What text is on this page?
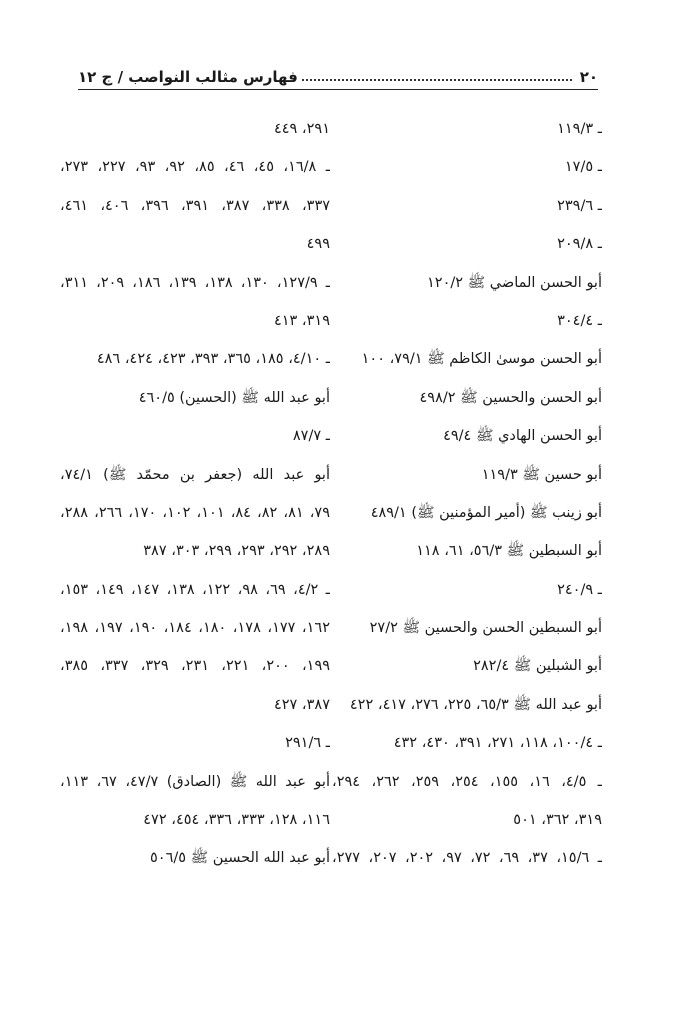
٢٠
فهارس مثالب النواصب / ج ١٢
ـ ١١٩/٣
ـ ١٧/٥
ـ ٢٣٩/٦
ـ ٢٠٩/٨
أبو الحسن الماضي ﷺ ١٢٠/٢
ـ ٣٠٤/٤
أبو الحسن موسىٰ الكاظم ﷺ ٧٩/١، ١٠٠
أبو الحسن والحسين ﷺ ٤٩٨/٢
أبو الحسن الهادي ﷺ ٤٩/٤
أبو حسين ﷺ ١١٩/٣
أبو زينب ﷺ (أمير المؤمنين ﷺ) ٤٨٩/١
أبو السبطين ﷺ ٥٦/٣، ٦١، ١١٨
ـ ٢٤٠/٩
أبو السبطين الحسن والحسين ﷺ ٢٧/٢
أبو الشبلين ﷺ ٢٨٢/٤
أبو عبد الله ﷺ ٦٥/٣، ٢٢٥، ٢٧٦، ٤١٧، ٤٢٢
ـ ١٠٠/٤، ١١٨، ٢٧١، ٣٩١، ٤٣٠، ٤٣٢
ـ ٤/٥، ١٦، ١٥٥، ٢٥٤، ٢٥٩، ٢٦٢، ٢٩٤،
٣١٩، ٣٦٢، ٥٠١
ـ ١٥/٦، ٣٧، ٦٩، ٧٢، ٩٧، ٢٠٢، ٢٠٧، ٢٧٧،
٢٩١، ٤٤٩
ـ ١٦/٨، ٤٥، ٤٦، ٨٥، ٩٢، ٩٣، ٢٢٧، ٢٧٣،
٣٣٧، ٣٣٨، ٣٨٧، ٣٩١، ٣٩٦، ٤٠٦، ٤٦١،
٤٩٩
ـ ١٢٧/٩، ١٣٠، ١٣٨، ١٣٩، ١٨٦، ٢٠٩، ٣١١،
٣١٩، ٤١٣
ـ ٤/١٠، ١٨٥، ٣٦٥، ٣٩٣، ٤٢٣، ٤٢٤، ٤٨٦
أبو عبد الله ﷺ (الحسين) ٤٦٠/٥
ـ ٨٧/٧
أبو عبد الله (جعفر بن محمّد ﷺ) ٧٤/١،
٧٩، ٨١، ٨٢، ٨٤، ١٠١، ١٠٢، ١٧٠، ٢٦٦، ٢٨٨،
٢٨٩، ٢٩٢، ٢٩٣، ٢٩٩، ٣٠٣، ٣٨٧
ـ ٤/٢، ٦٩، ٩٨، ١٢٢، ١٣٨، ١٤٧، ١٤٩، ١٥٣،
١٦٢، ١٧٧، ١٧٨، ١٨٠، ١٨٤، ١٩٠، ١٩٧، ١٩٨،
١٩٩، ٢٠٠، ٢٢١، ٢٣١، ٣٢٩، ٣٣٧، ٣٨٥،
٣٨٧، ٤٢٧
ـ ٢٩١/٦
أبو عبد الله ﷺ (الصادق) ٤٧/٧، ٦٧، ١١٣،
١١٦، ١٢٨، ٣٣٣، ٣٣٦، ٤٥٤، ٤٧٢
أبو عبد الله الحسين ﷺ ٥٠٦/٥
